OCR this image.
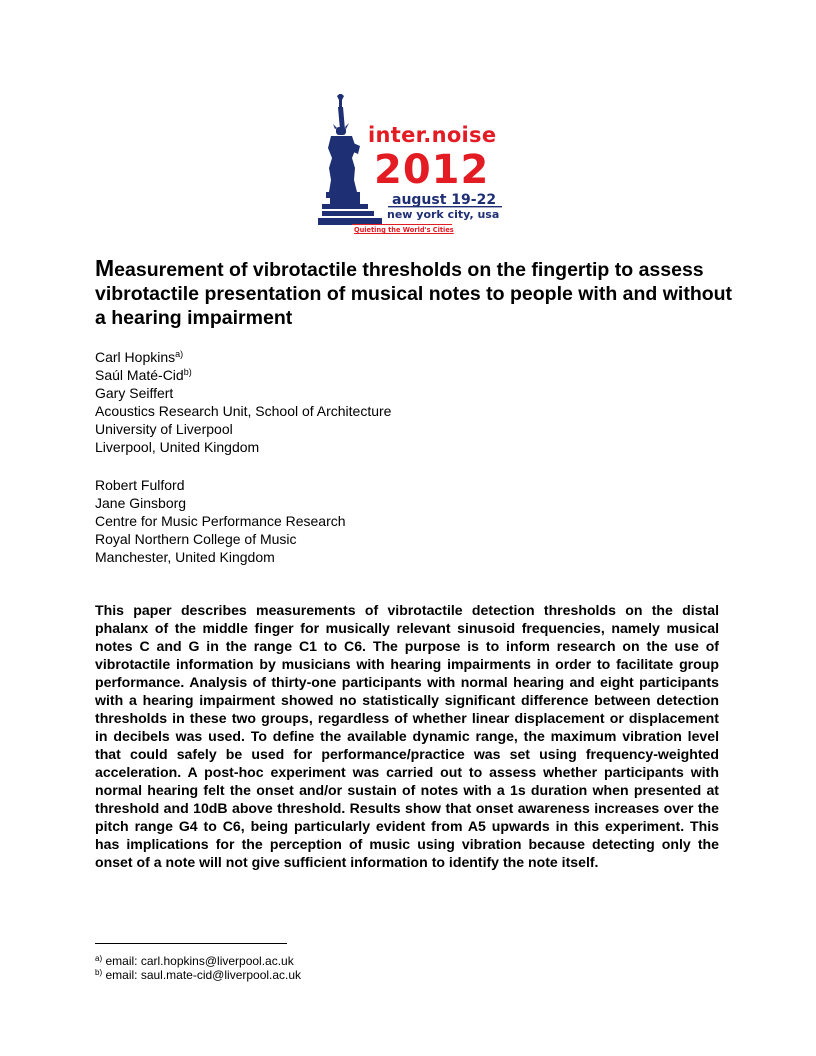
inter.noise
2012
august 19-22
new york city, usa
Quieting the World's Cities
Measurement of vibrotactile thresholds on the fingertip to assess vibrotactile presentation of musical notes to people with and without a hearing impairment
Carl Hopkins$^{a)}$
Saúl Maté-Cid$^{b)}$
Gary Seiffert
Acoustics Research Unit, School of Architecture
University of Liverpool
Liverpool, United Kingdom
Robert Fulford
Jane Ginsborg
Centre for Music Performance Research
Royal Northern College of Music
Manchester, United Kingdom

This paper describes measurements of vibrotactile detection thresholds on the distal phalanx of the middle finger for musically relevant sinusoid frequencies, namely musical notes C and G in the range C1 to C6. The purpose is to inform research on the use of vibrotactile information by musicians with hearing impairments in order to facilitate group performance. Analysis of thirty-one participants with normal hearing and eight participants with a hearing impairment showed no statistically significant difference between detection thresholds in these two groups, regardless of whether linear displacement or displacement in decibels was used. To define the available dynamic range, the maximum vibration level that could safely be used for performance/practice was set using frequency-weighted acceleration. A post-hoc experiment was carried out to assess whether participants with normal hearing felt the onset and/or sustain of notes with a 1s duration when presented at threshold and 10dB above threshold. Results show that onset awareness increases over the pitch range G4 to C6, being particularly evident from A5 upwards in this experiment. This has implications for the perception of music using vibration because detecting only the onset of a note will not give sufficient information to identify the note itself.

$^{a)}$ email: carl.hopkins@liverpool.ac.uk
$^{b)}$ email: saul.mate-cid@liverpool.ac.uk
